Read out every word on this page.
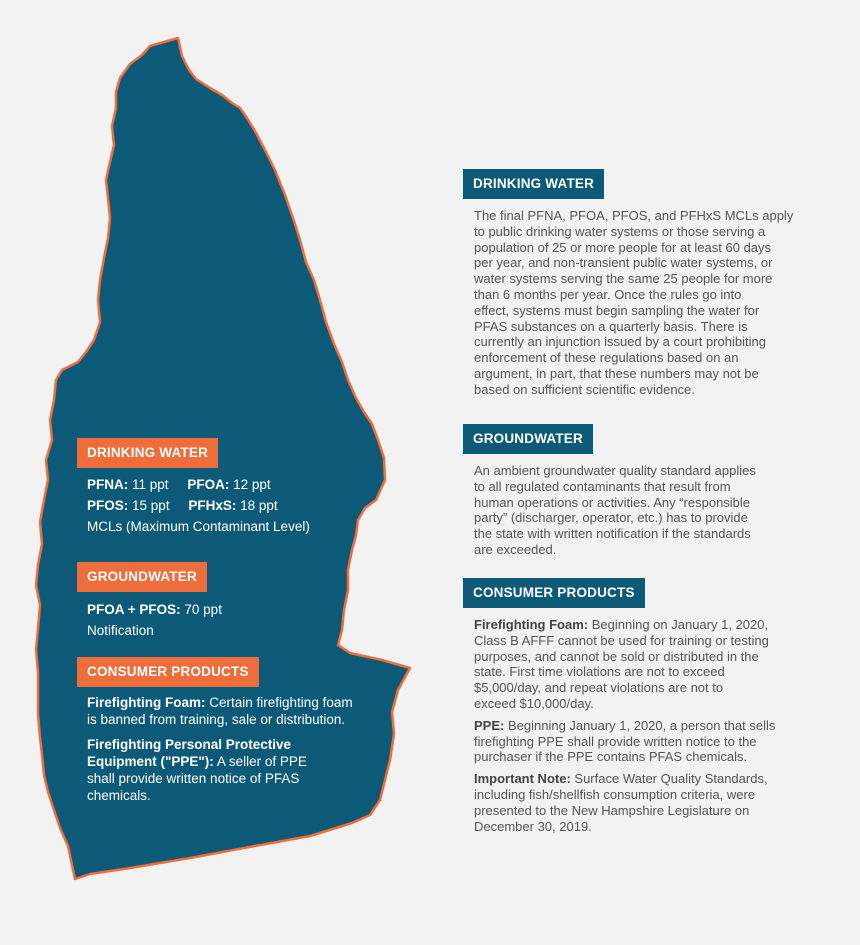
DRINKING WATER
PFNA: 11 ppt PFOA: 12 ppt
PFOS: 15 ppt PFHxS: 18 ppt
MCLs (Maximum Contaminant Level)
GROUNDWATER
PFOA + PFOS: 70 ppt
Notification
CONSUMER PRODUCTS
Firefighting Foam: Certain firefighting foam
is banned from training, sale or distribution.
Firefighting Personal Protective
Equipment ("PPE"): A seller of PPE
shall provide written notice of PFAS
chemicals.
DRINKING WATER
The final PFNA, PFOA, PFOS, and PFHxS MCLs apply
to public drinking water systems or those serving a
population of 25 or more people for at least 60 days
per year, and non-transient public water systems, or
water systems serving the same 25 people for more
than 6 months per year. Once the rules go into
effect, systems must begin sampling the water for
PFAS substances on a quarterly basis. There is
currently an injunction issued by a court prohibiting
enforcement of these regulations based on an
argument, in part, that these numbers may not be
based on sufficient scientific evidence.
GROUNDWATER
An ambient groundwater quality standard applies
to all regulated contaminants that result from
human operations or activities. Any “responsible
party” (discharger, operator, etc.) has to provide
the state with written notification if the standards
are exceeded.
CONSUMER PRODUCTS
Firefighting Foam: Beginning on January 1, 2020,
Class B AFFF cannot be used for training or testing
purposes, and cannot be sold or distributed in the
state. First time violations are not to exceed
$5,000/day, and repeat violations are not to
exceed $10,000/day.
PPE: Beginning January 1, 2020, a person that sells
firefighting PPE shall provide written notice to the
purchaser if the PPE contains PFAS chemicals.
Important Note: Surface Water Quality Standards,
including fish/shellfish consumption criteria, were
presented to the New Hampshire Legislature on
December 30, 2019.
